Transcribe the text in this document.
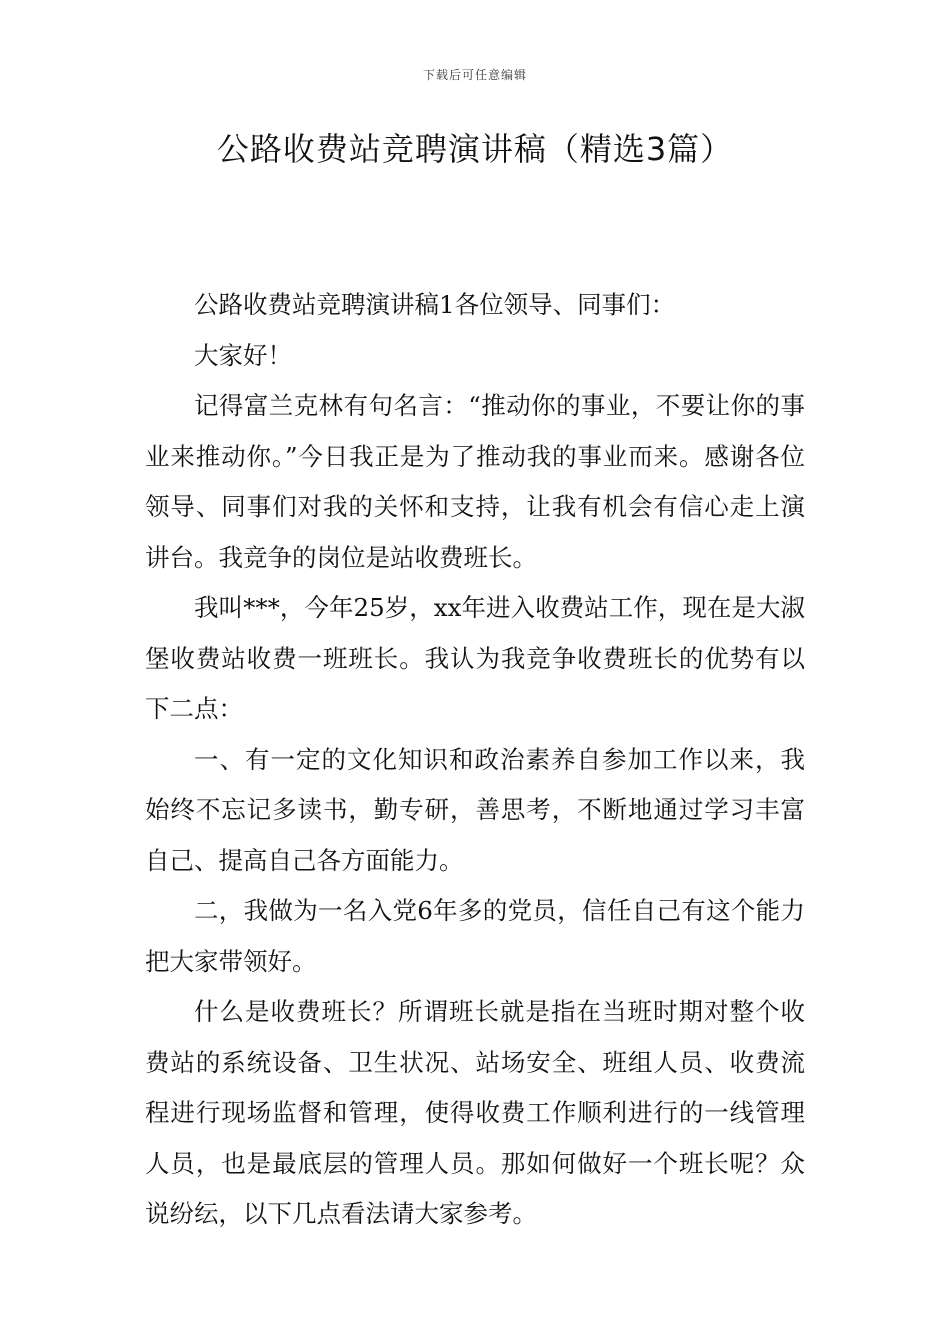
下载后可任意编辑
公路收费站竞聘演讲稿（精选3篇）

公路收费站竞聘演讲稿1各位领导、同事们：

大家好！

记得富兰克林有句名言：“推动你的事业，不要让你的事业来推动你。”今日我正是为了推动我的事业而来。感谢各位领导、同事们对我的关怀和支持，让我有机会有信心走上演讲台。我竞争的岗位是站收费班长。

我叫***，今年25岁，xx年进入收费站工作，现在是大淑堡收费站收费一班班长。我认为我竞争收费班长的优势有以下二点：

一、有一定的文化知识和政治素养自参加工作以来，我始终不忘记多读书，勤专研，善思考，不断地通过学习丰富自己、提高自己各方面能力。

二，我做为一名入党6年多的党员，信任自己有这个能力把大家带领好。

什么是收费班长？所谓班长就是指在当班时期对整个收费站的系统设备、卫生状况、站场安全、班组人员、收费流程进行现场监督和管理，使得收费工作顺利进行的一线管理人员，也是最底层的管理人员。那如何做好一个班长呢？众说纷纭，以下几点看法请大家参考。
